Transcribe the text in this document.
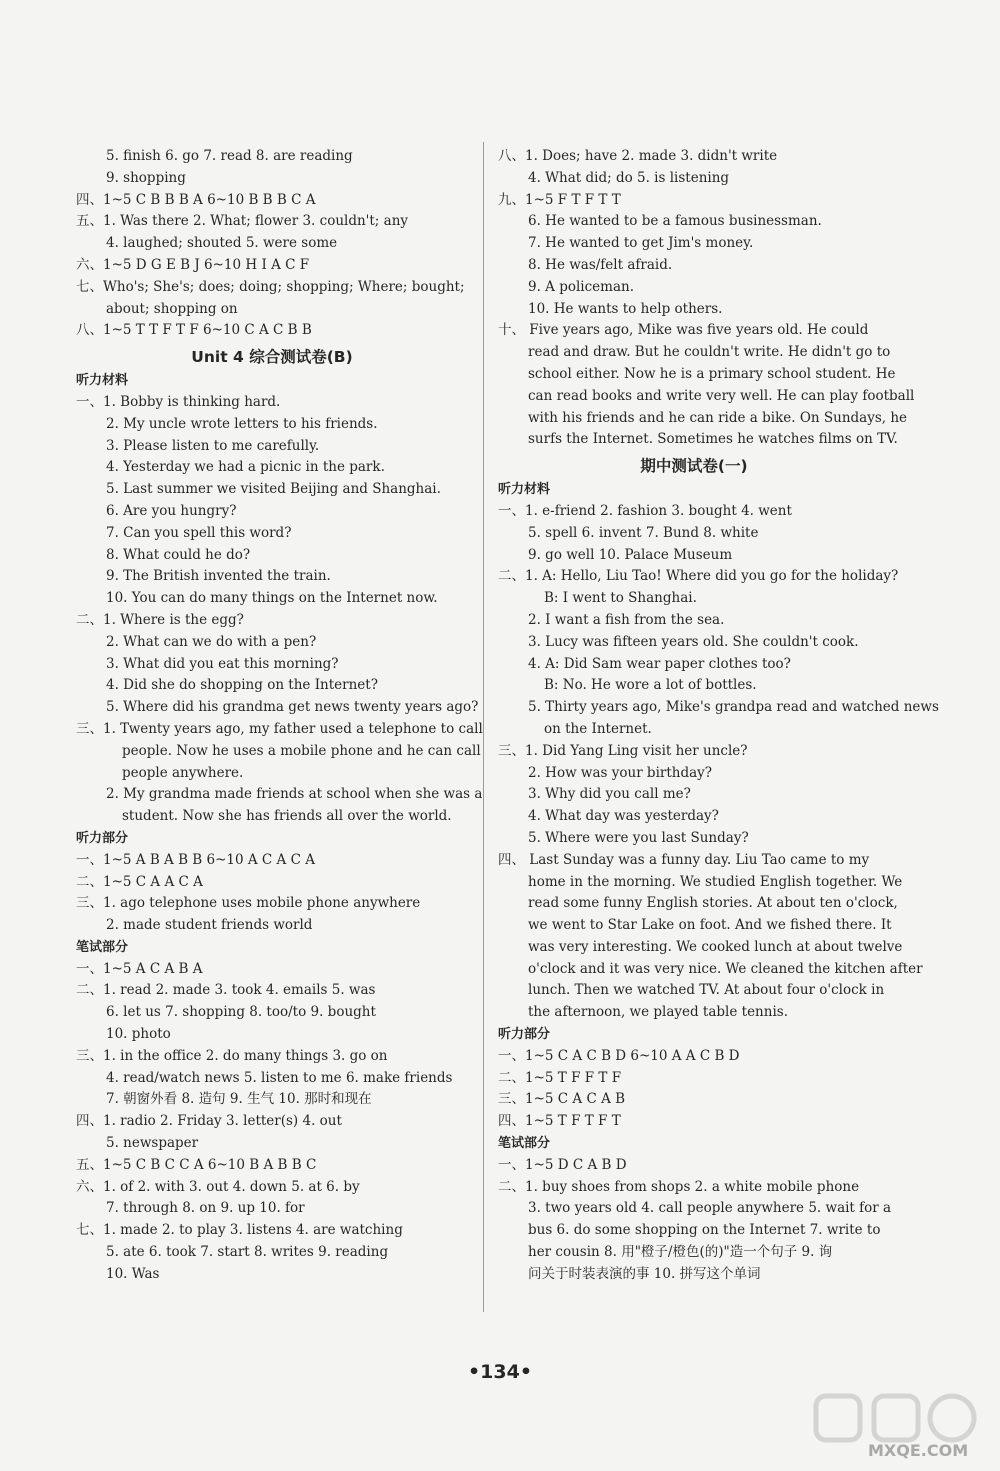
5. finish 6. go 7. read 8. are reading
9. shopping
四、1~5 C B B B A 6~10 B B B C A
五、1. Was there 2. What; flower 3. couldn't; any
4. laughed; shouted 5. were some
六、1~5 D G E B J 6~10 H I A C F
七、Who's; She's; does; doing; shopping; Where; bought;
about; shopping on
八、1~5 T T F T F 6~10 C A C B B
Unit 4 综合测试卷(B)
听力材料
一、1. Bobby is thinking hard.
2. My uncle wrote letters to his friends.
3. Please listen to me carefully.
4. Yesterday we had a picnic in the park.
5. Last summer we visited Beijing and Shanghai.
6. Are you hungry?
7. Can you spell this word?
8. What could he do?
9. The British invented the train.
10. You can do many things on the Internet now.
二、1. Where is the egg?
2. What can we do with a pen?
3. What did you eat this morning?
4. Did she do shopping on the Internet?
5. Where did his grandma get news twenty years ago?
三、1. Twenty years ago, my father used a telephone to call
people. Now he uses a mobile phone and he can call
people anywhere.
2. My grandma made friends at school when she was a
student. Now she has friends all over the world.
听力部分
一、1~5 A B A B B 6~10 A C A C A
二、1~5 C A A C A
三、1. ago telephone uses mobile phone anywhere
2. made student friends world
笔试部分
一、1~5 A C A B A
二、1. read 2. made 3. took 4. emails 5. was
6. let us 7. shopping 8. too/to 9. bought
10. photo
三、1. in the office 2. do many things 3. go on
4. read/watch news 5. listen to me 6. make friends
7. 朝窗外看 8. 造句 9. 生气 10. 那时和现在
四、1. radio 2. Friday 3. letter(s) 4. out
5. newspaper
五、1~5 C B C C A 6~10 B A B B C
六、1. of 2. with 3. out 4. down 5. at 6. by
7. through 8. on 9. up 10. for
七、1. made 2. to play 3. listens 4. are watching
5. ate 6. took 7. start 8. writes 9. reading
10. Was
八、1. Does; have 2. made 3. didn't write
4. What did; do 5. is listening
九、1~5 F T F T T
6. He wanted to be a famous businessman.
7. He wanted to get Jim's money.
8. He was/felt afraid.
9. A policeman.
10. He wants to help others.
十、 Five years ago, Mike was five years old. He could
read and draw. But he couldn't write. He didn't go to
school either. Now he is a primary school student. He
can read books and write very well. He can play football
with his friends and he can ride a bike. On Sundays, he
surfs the Internet. Sometimes he watches films on TV.
期中测试卷(一)
听力材料
一、1. e-friend 2. fashion 3. bought 4. went
5. spell 6. invent 7. Bund 8. white
9. go well 10. Palace Museum
二、1. A: Hello, Liu Tao! Where did you go for the holiday?
B: I went to Shanghai.
2. I want a fish from the sea.
3. Lucy was fifteen years old. She couldn't cook.
4. A: Did Sam wear paper clothes too?
B: No. He wore a lot of bottles.
5. Thirty years ago, Mike's grandpa read and watched news
on the Internet.
三、1. Did Yang Ling visit her uncle?
2. How was your birthday?
3. Why did you call me?
4. What day was yesterday?
5. Where were you last Sunday?
四、 Last Sunday was a funny day. Liu Tao came to my
home in the morning. We studied English together. We
read some funny English stories. At about ten o'clock,
we went to Star Lake on foot. And we fished there. It
was very interesting. We cooked lunch at about twelve
o'clock and it was very nice. We cleaned the kitchen after
lunch. Then we watched TV. At about four o'clock in
the afternoon, we played table tennis.
听力部分
一、1~5 C A C B D 6~10 A A C B D
二、1~5 T F F T F
三、1~5 C A C A B
四、1~5 T F T F T
笔试部分
一、1~5 D C A B D
二、1. buy shoes from shops 2. a white mobile phone
3. two years old 4. call people anywhere 5. wait for a
bus 6. do some shopping on the Internet 7. write to
her cousin 8. 用"橙子/橙色(的)"造一个句子 9. 询
问关于时装表演的事 10. 拼写这个单词
•134•
MXQE.COM
